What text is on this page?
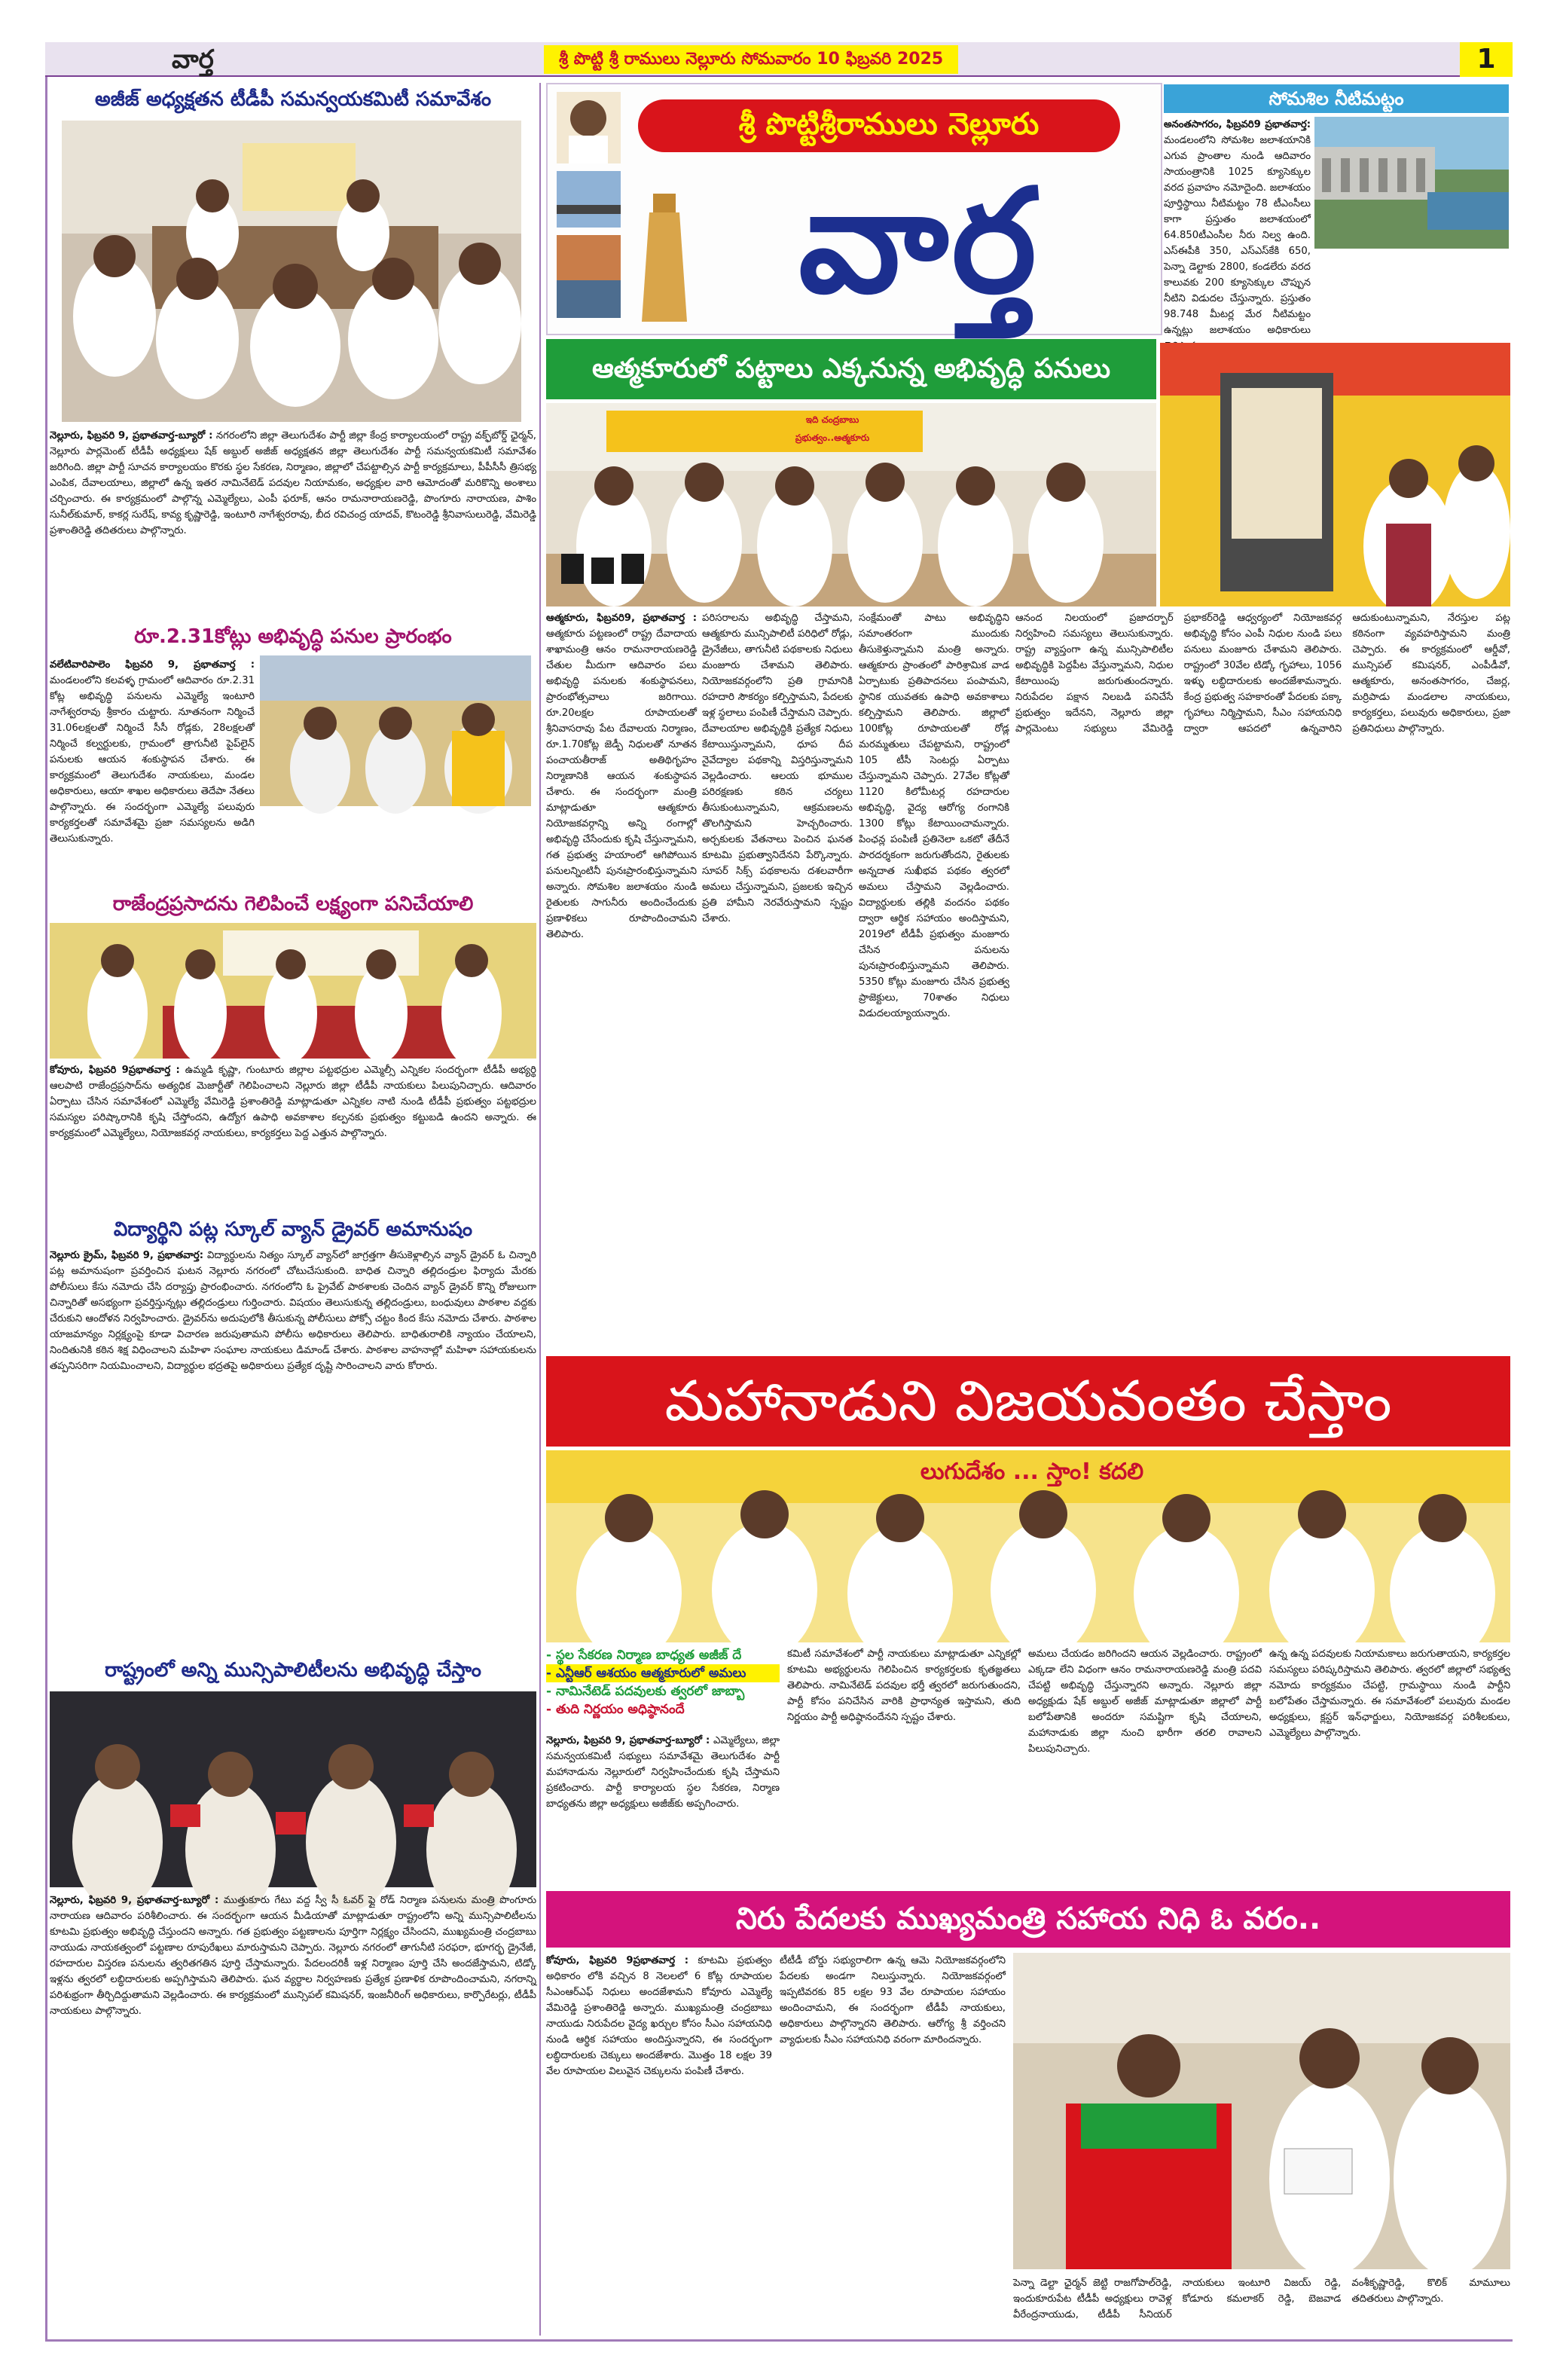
వార్త	శ్రీ పొట్టి శ్రీ రాములు నెల్లూరు సోమవారం 10 ఫిబ్రవరి 2025	1
అజీజ్ అధ్యక్షతన టీడీపీ సమన్వయకమిటీ సమావేశం
నెల్లూరు, ఫిబ్రవరి 9, ప్రభాతవార్త-బ్యూరో : నగరంలోని జిల్లా తెలుగుదేశం పార్టీ జిల్లా కేంద్ర కార్యాలయంలో రాష్ట్ర వక్ఫ్‌బోర్డ్ ఛైర్మన్, నెల్లూరు పార్లమెంట్ టీడీపీ అధ్యక్షులు షేక్ అబ్దుల్ అజీజ్ అధ్యక్షతన జిల్లా తెలుగుదేశం పార్టీ సమన్వయకమిటీ సమావేశం జరిగింది. జిల్లా పార్టీ సూచన కార్యాలయం కొరకు స్థల సేకరణ, నిర్మాణం, జిల్లాలో చేపట్టాల్సిన పార్టీ కార్యక్రమాలు, పీపీసీసీ త్రిసభ్య ఎంపిక, దేవాలయాలు, జిల్లాలో ఉన్న ఇతర నామినేటెడ్ పదవుల నియామకం, అధ్యక్షుల వారి ఆమోదంతో మరికొన్ని అంశాలు చర్చించారు. ఈ కార్యక్రమంలో పాల్గొన్న ఎమ్మెల్యేలు, ఎంపీ ఫరూక్, ఆనం రామనారాయణరెడ్డి, పొంగూరు నారాయణ, పాశిం సునీల్‌కుమార్, కాకర్ల సురేష్, కావ్య కృష్ణారెడ్డి, ఇంటూరి నాగేశ్వరరావు, బీద రవిచంద్ర యాదవ్, కొటంరెడ్డి శ్రీనివాసులురెడ్డి, వేమిరెడ్డి ప్రశాంతిరెడ్డి తదితరులు పాల్గొన్నారు.
రూ.2.31కోట్లు అభివృద్ధి పనుల ప్రారంభం
వలేటివారిపాలెం ఫిబ్రవరి 9, ప్రభాతవార్త : మండలంలోని కలవళ్ళ గ్రామంలో ఆదివారం రూ.2.31 కోట్ల అభివృద్ధి పనులను ఎమ్మెల్యే ఇంటూరి నాగేశ్వరరావు శ్రీకారం చుట్టారు. నూతనంగా నిర్మించే 31.06లక్షలతో నిర్మించే సీసీ రోడ్లకు, 28లక్షలతో నిర్మించే కల్వర్టులకు, గ్రామంలో త్రాగునీటి పైప్‌లైన్ పనులకు ఆయన శంకుస్థాపన చేశారు. ఈ కార్యక్రమంలో తెలుగుదేశం నాయకులు, మండల అధికారులు, ఆయా శాఖల అధికారులు తెదేపా నేతలు పాల్గొన్నారు. ఈ సందర్భంగా ఎమ్మెల్యే పలువురు కార్యకర్తలతో సమావేశమై ప్రజా సమస్యలను అడిగి తెలుసుకున్నారు.
రాజేంద్రప్రసాదను గెలిపించే లక్ష్యంగా పనిచేయాలి
కోవూరు, ఫిబ్రవరి 9ప్రభాతవార్త : ఉమ్మడి కృష్ణా, గుంటూరు జిల్లాల పట్టభద్రుల ఎమ్మెల్సీ ఎన్నికల సందర్భంగా టీడీపీ అభ్యర్థి ఆలపాటి రాజేంద్రప్రసాద్‌ను అత్యధిక మెజార్టీతో గెలిపించాలని నెల్లూరు జిల్లా టీడీపీ నాయకులు పిలుపునిచ్చారు. ఆదివారం ఏర్పాటు చేసిన సమావేశంలో ఎమ్మెల్యే వేమిరెడ్డి ప్రశాంతిరెడ్డి మాట్లాడుతూ ఎన్నికల నాటి నుండి టీడీపీ ప్రభుత్వం పట్టభద్రుల సమస్యల పరిష్కారానికి కృషి చేస్తోందని, ఉద్యోగ ఉపాధి అవకాశాల కల్పనకు ప్రభుత్వం కట్టుబడి ఉందని అన్నారు. ఈ కార్యక్రమంలో ఎమ్మెల్యేలు, నియోజకవర్గ నాయకులు, కార్యకర్తలు పెద్ద ఎత్తున పాల్గొన్నారు.
విద్యార్థిని పట్ల స్కూల్ వ్యాన్ డ్రైవర్ అమానుషం
నెల్లూరు క్రైమ్, ఫిబ్రవరి 9, ప్రభాతవార్త: విద్యార్థులను నిత్యం స్కూల్ వ్యాన్‌లో జాగ్రత్తగా తీసుకెళ్లాల్సిన వ్యాన్ డ్రైవర్ ఓ చిన్నారి పట్ల అమానుషంగా ప్రవర్తించిన ఘటన నెల్లూరు నగరంలో చోటుచేసుకుంది. బాధిత చిన్నారి తల్లిదండ్రుల ఫిర్యాదు మేరకు పోలీసులు కేసు నమోదు చేసి దర్యాప్తు ప్రారంభించారు. నగరంలోని ఓ ప్రైవేట్ పాఠశాలకు చెందిన వ్యాన్ డ్రైవర్ కొన్ని రోజులుగా చిన్నారితో అసభ్యంగా ప్రవర్తిస్తున్నట్లు తల్లిదండ్రులు గుర్తించారు. విషయం తెలుసుకున్న తల్లిదండ్రులు, బంధువులు పాఠశాల వద్దకు చేరుకుని ఆందోళన నిర్వహించారు. డ్రైవర్‌ను అదుపులోకి తీసుకున్న పోలీసులు పోక్సో చట్టం కింద కేసు నమోదు చేశారు. పాఠశాల యాజమాన్యం నిర్లక్ష్యంపై కూడా విచారణ జరుపుతామని పోలీసు అధికారులు తెలిపారు. బాధితురాలికి న్యాయం చేయాలని, నిందితునికి కఠిన శిక్ష విధించాలని మహిళా సంఘాల నాయకులు డిమాండ్ చేశారు. పాఠశాల వాహనాల్లో మహిళా సహాయకులను తప్పనిసరిగా నియమించాలని, విద్యార్థుల భద్రతపై అధికారులు ప్రత్యేక దృష్టి సారించాలని వారు కోరారు.
రాష్ట్రంలో అన్ని మున్సిపాలిటీలను అభివృద్ధి చేస్తాం
నెల్లూరు, ఫిబ్రవరి 9, ప్రభాతవార్త-బ్యూరో : ముత్తుకూరు గేటు వద్ద స్వీ సీ ఓవర్ ఫ్లై రోడ్ నిర్మాణ పనులను మంత్రి పొంగూరు నారాయణ ఆదివారం పరిశీలించారు. ఈ సందర్భంగా ఆయన మీడియాతో మాట్లాడుతూ రాష్ట్రంలోని అన్ని మున్సిపాలిటీలను కూటమి ప్రభుత్వం అభివృద్ధి చేస్తుందని అన్నారు. గత ప్రభుత్వం పట్టణాలను పూర్తిగా నిర్లక్ష్యం చేసిందని, ముఖ్యమంత్రి చంద్రబాబు నాయుడు నాయకత్వంలో పట్టణాల రూపురేఖలు మారుస్తామని చెప్పారు. నెల్లూరు నగరంలో తాగునీటి సరఫరా, భూగర్భ డ్రైనేజీ, రహదారుల విస్తరణ పనులను త్వరితగతిన పూర్తి చేస్తామన్నారు. పేదలందరికీ ఇళ్ల నిర్మాణం పూర్తి చేసి అందజేస్తామని, టిడ్కో ఇళ్లను త్వరలో లబ్ధిదారులకు అప్పగిస్తామని తెలిపారు. ఘన వ్యర్థాల నిర్వహణకు ప్రత్యేక ప్రణాళిక రూపొందించామని, నగరాన్ని పరిశుభ్రంగా తీర్చిదిద్దుతామని వెల్లడించారు. ఈ కార్యక్రమంలో మున్సిపల్ కమిషనర్, ఇంజనీరింగ్ అధికారులు, కార్పొరేటర్లు, టీడీపీ నాయకులు పాల్గొన్నారు.
శ్రీ పొట్టిశ్రీరాములు నెల్లూరు
వార్త
సోమశిల నీటిమట్టం
అనంతసాగరం, ఫిబ్రవరి9 ప్రభాతవార్త: మండలంలోని సోమశిల జలాశయానికి ఎగువ ప్రాంతాల నుండి ఆదివారం సాయంత్రానికి 1025 క్యూసెక్కుల వరద ప్రవాహం నమోదైంది. జలాశయం పూర్తిస్థాయి నీటిమట్టం 78 టీఎంసీలు కాగా ప్రస్తుతం జలాశయంలో 64.850టీఎంసీల నీరు నిల్వ ఉంది. ఎస్‌ఈపీకి 350, ఎస్‌ఎస్‌కేకి 650, పెన్నా డెల్టాకు 2800, కండలేరు వరద కాలువకు 200 క్యూసెక్కుల చొప్పున నీటిని విడుదల చేస్తున్నారు. ప్రస్తుతం 98.748 మీటర్ల మేర నీటిమట్టం ఉన్నట్లు జలాశయం అధికారులు
ఆత్మకూరులో పట్టాలు ఎక్కనున్న అభివృద్ధి పనులు
ఇది చంద్రబాబు ప్రభుత్వం..ఆత్మకూరు
ఆత్మకూరు, ఫిబ్రవరి9, ప్రభాతవార్త : ఆత్మకూరు పట్టణంలో రాష్ట్ర దేవాదాయ శాఖామంత్రి ఆనం రామనారాయణరెడ్డి చేతుల మీదుగా ఆదివారం పలు అభివృద్ధి పనులకు శంకుస్థాపనలు, ప్రారంభోత్సవాలు జరిగాయి. రూ.20లక్షల రూపాయలతో శ్రీనివాసరావు పేట దేవాలయ నిర్మాణం, రూ.1.70కోట్ల జెడ్పీ నిధులతో నూతన పంచాయతీరాజ్ అతిథిగృహం నిర్మాణానికి ఆయన శంకుస్థాపన చేశారు. ఈ సందర్భంగా మంత్రి మాట్లాడుతూ ఆత్మకూరు నియోజకవర్గాన్ని అన్ని రంగాల్లో అభివృద్ధి చేసేందుకు కృషి చేస్తున్నామని, గత ప్రభుత్వ హయాంలో ఆగిపోయిన పనులన్నింటినీ పునఃప్రారంభిస్తున్నామని అన్నారు. సోమశిల జలాశయం నుండి రైతులకు సాగునీరు అందించేందుకు ప్రణాళికలు రూపొందించామని తెలిపారు.
పరిసరాలను అభివృద్ధి చేస్తామని, ఆత్మకూరు మున్సిపాలిటీ పరిధిలో రోడ్లు, డ్రైనేజీలు, తాగునీటి పథకాలకు నిధులు మంజూరు చేశామని తెలిపారు. నియోజకవర్గంలోని ప్రతి గ్రామానికి రహదారి సౌకర్యం కల్పిస్తామని, పేదలకు ఇళ్ల స్థలాలు పంపిణీ చేస్తామని చెప్పారు. దేవాలయాల అభివృద్ధికి ప్రత్యేక నిధులు కేటాయిస్తున్నామని, ధూప దీప నైవేద్యాల పథకాన్ని విస్తరిస్తున్నామని వెల్లడించారు. ఆలయ భూముల పరిరక్షణకు కఠిన చర్యలు తీసుకుంటున్నామని, ఆక్రమణలను తొలగిస్తామని హెచ్చరించారు. అర్చకులకు వేతనాలు పెంచిన ఘనత కూటమి ప్రభుత్వానిదేనని పేర్కొన్నారు. సూపర్ సిక్స్ పథకాలను దశలవారీగా అమలు చేస్తున్నామని, ప్రజలకు ఇచ్చిన ప్రతి హామీని నెరవేరుస్తామని స్పష్టం చేశారు.
సంక్షేమంతో పాటు అభివృద్ధిని సమాంతరంగా ముందుకు తీసుకెళ్తున్నామని మంత్రి అన్నారు. ఆత్మకూరు ప్రాంతంలో పారిశ్రామిక వాడ ఏర్పాటుకు ప్రతిపాదనలు పంపామని, స్థానిక యువతకు ఉపాధి అవకాశాలు కల్పిస్తామని తెలిపారు. జిల్లాలో 100కోట్ల రూపాయలతో రోడ్ల మరమ్మతులు చేపట్టామని, రాష్ట్రంలో 105 టీసీ సెంటర్లు ఏర్పాటు చేస్తున్నామని చెప్పారు. 27వేల కోట్లతో 1120 కిలోమీటర్ల రహదారుల అభివృద్ధి, వైద్య ఆరోగ్య రంగానికి 1300 కోట్లు కేటాయించామన్నారు. పింఛన్ల పంపిణీ ప్రతినెలా ఒకటో తేదీనే పారదర్శకంగా జరుగుతోందని, రైతులకు అన్నదాత సుఖీభవ పథకం త్వరలో అమలు చేస్తామని వెల్లడించారు. విద్యార్థులకు తల్లికి వందనం పథకం ద్వారా ఆర్థిక సహాయం అందిస్తామని, 2019లో టీడీపీ ప్రభుత్వం మంజూరు చేసిన పనులను పునఃప్రారంభిస్తున్నామని తెలిపారు. 5350 కోట్లు మంజూరు చేసిన ప్రభుత్వ ప్రాజెక్టులు, 70శాతం నిధులు విడుదలయ్యాయన్నారు.
ఆనంద నిలయంలో ప్రజాదర్బార్ నిర్వహించి సమస్యలు తెలుసుకున్నారు. రాష్ట్ర వ్యాప్తంగా ఉన్న మున్సిపాలిటీల అభివృద్ధికి పెద్దపీట వేస్తున్నామని, నిధుల కేటాయింపు జరుగుతుందన్నారు. నిరుపేదల పక్షాన నిలబడి పనిచేసే ప్రభుత్వం ఇదేనని, నెల్లూరు జిల్లా పార్లమెంటు సభ్యులు వేమిరెడ్డి ప్రభాకర్‌రెడ్డి ఆధ్వర్యంలో నియోజకవర్గ అభివృద్ధి కోసం ఎంపీ నిధుల నుండి పలు పనులు మంజూరు చేశామని తెలిపారు. రాష్ట్రంలో 30వేల టిడ్కో గృహాలు, 1056 ఇళ్ళు లబ్ధిదారులకు అందజేశామన్నారు. కేంద్ర ప్రభుత్వ సహకారంతో పేదలకు పక్కా గృహాలు నిర్మిస్తామని, సీఎం సహాయనిధి ద్వారా ఆపదలో ఉన్నవారిని ఆదుకుంటున్నామని, నేరస్తుల పట్ల కఠినంగా వ్యవహరిస్తామని మంత్రి చెప్పారు. ఈ కార్యక్రమంలో ఆర్డీవో, మున్సిపల్ కమిషనర్, ఎంపీడీవో, ఆత్మకూరు, అనంతసాగరం, చేజర్ల, మర్రిపాడు మండలాల నాయకులు, కార్యకర్తలు, పలువురు అధికారులు, ప్రజా ప్రతినిధులు పాల్గొన్నారు.
మహానాడుని విజయవంతం చేస్తాం
లుగుదేశం ... స్తాం! కదలి
- స్థల సేకరణ నిర్మాణ బాధ్యత అజీజ్ దే
- ఎన్టీఆర్ ఆశయం ఆత్మకూరులో అమలు
- నామినేటెడ్ పదవులకు త్వరలో జాబ్బా
- తుది నిర్ణయం అధిష్ఠానందే
నెల్లూరు, ఫిబ్రవరి 9, ప్రభాతవార్త-బ్యూరో : ఎమ్మెల్యేలు, జిల్లా సమన్వయకమిటీ సభ్యులు సమావేశమై తెలుగుదేశం పార్టీ మహానాడును నెల్లూరులో నిర్వహించేందుకు కృషి చేస్తామని ప్రకటించారు. పార్టీ కార్యాలయ స్థల సేకరణ, నిర్మాణ బాధ్యతను జిల్లా అధ్యక్షులు అజీజ్‌కు అప్పగించారు.
కమిటీ సమావేశంలో పార్టీ నాయకులు మాట్లాడుతూ ఎన్నికల్లో కూటమి అభ్యర్థులను గెలిపించిన కార్యకర్తలకు కృతజ్ఞతలు తెలిపారు. నామినేటెడ్ పదవుల భర్తీ త్వరలో జరుగుతుందని, పార్టీ కోసం పనిచేసిన వారికి ప్రాధాన్యత ఇస్తామని, తుది నిర్ణయం పార్టీ అధిష్ఠానందేనని స్పష్టం చేశారు.
అమలు చేయడం జరిగిందని ఆయన వెల్లడించారు. రాష్ట్రంలో ఎక్కడా లేని విధంగా ఆనం రామనారాయణరెడ్డి మంత్రి పదవి చేపట్టి అభివృద్ధి చేస్తున్నారని అన్నారు. నెల్లూరు జిల్లా అధ్యక్షుడు షేక్ అబ్దుల్ అజీజ్ మాట్లాడుతూ జిల్లాలో పార్టీ బలోపేతానికి అందరూ సమష్టిగా కృషి చేయాలని, మహానాడుకు జిల్లా నుంచి భారీగా తరలి రావాలని పిలుపునిచ్చారు.
ఉన్న ఉన్న పదవులకు నియామకాలు జరుగుతాయని, కార్యకర్తల సమస్యలు పరిష్కరిస్తామని తెలిపారు. త్వరలో జిల్లాలో సభ్యత్వ నమోదు కార్యక్రమం చేపట్టి, గ్రామస్థాయి నుండి పార్టీని బలోపేతం చేస్తామన్నారు. ఈ సమావేశంలో పలువురు మండల అధ్యక్షులు, క్లస్టర్ ఇన్‌ఛార్జులు, నియోజకవర్గ పరిశీలకులు, ఎమ్మెల్యేలు పాల్గొన్నారు.
నిరు పేదలకు ముఖ్యమంత్రి సహాయ నిధి ఓ వరం..
కోవూరు, ఫిబ్రవరి 9ప్రభాతవార్త : కూటమి ప్రభుత్వం అధికారం లోకి వచ్చిన 8 నెలలలో 6 కోట్ల రూపాయల సీఎంఆర్ఎఫ్ నిధులు అందజేశామని కోవూరు ఎమ్మెల్యే వేమిరెడ్డి ప్రశాంతిరెడ్డి అన్నారు. ముఖ్యమంత్రి చంద్రబాబు నాయుడు నిరుపేదల వైద్య ఖర్చుల కోసం సీఎం సహాయనిధి నుండి ఆర్థిక సహాయం అందిస్తున్నారని, ఈ సందర్భంగా లబ్ధిదారులకు చెక్కులు అందజేశారు. మొత్తం 18 లక్షల 39 వేల రూపాయల విలువైన చెక్కులను పంపిణీ చేశారు.
టీటీడీ బోర్డు సభ్యురాలిగా ఉన్న ఆమె నియోజకవర్గంలోని పేదలకు అండగా నిలుస్తున్నారు. నియోజకవర్గంలో ఇప్పటివరకు 85 లక్షల 93 వేల రూపాయల సహాయం అందించామని, ఈ సందర్భంగా టీడీపీ నాయకులు, అధికారులు పాల్గొన్నారని తెలిపారు. ఆరోగ్య శ్రీ వర్తించని వ్యాధులకు సీఎం సహాయనిధి వరంగా మారిందన్నారు.
పెన్నా డెల్టా ఛైర్మన్ జెట్టి రాజగోపాల్‌రెడ్డి, ఇందుకూరుపేట టీడీపీ అధ్యక్షులు రావెళ్ల వీరేంద్రనాయుడు, టీడీపీ సీనియర్ నాయకులు ఇంటూరి విజయ్ రెడ్డి, కోడూరు కమలాకర్ రెడ్డి, బెజవాడ వంశీకృష్ణారెడ్డి, కొలిక్ మామూలు తదితరులు పాల్గొన్నారు.
